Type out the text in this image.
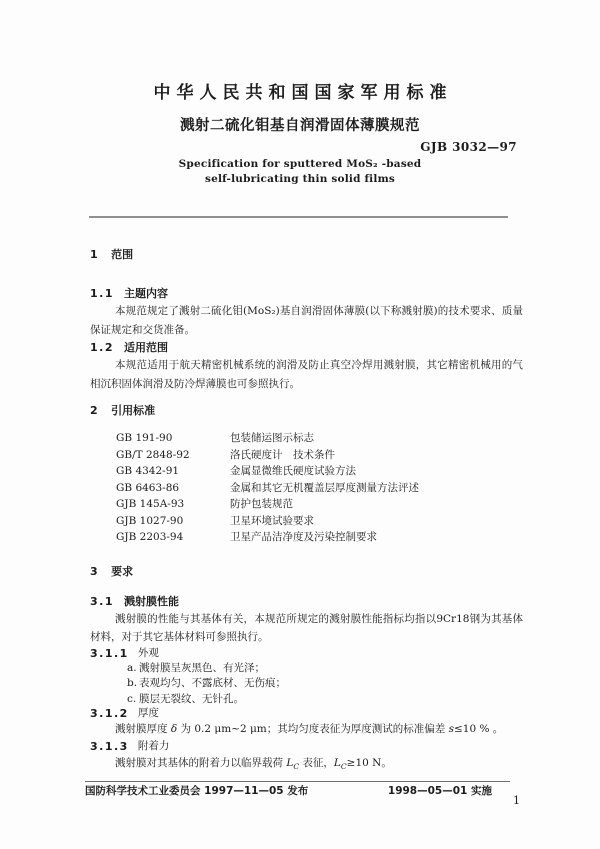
中华人民共和国国家军用标准
溅射二硫化钼基自润滑固体薄膜规范
GJB 3032—97
Specification for sputtered MoS₂ -based
self-lubricating thin solid films
1 范围
1.1 主题内容

本规范规定了溅射二硫化钼(MoS₂)基自润滑固体薄膜(以下称溅射膜)的技术要求、质量保证规定和交货准备。

1.2 适用范围

本规范适用于航天精密机械系统的润滑及防止真空冷焊用溅射膜，其它精密机械用的气相沉积固体润滑及防冷焊薄膜也可参照执行。

2 引用标准
GB 191-90	包装储运图示标志
GB/T 2848-92	洛氏硬度计　技术条件
GB 4342-91	金属显微维氏硬度试验方法
GB 6463-86	金属和其它无机覆盖层厚度测量方法评述
GJB 145A-93	防护包装规范
GJB 1027-90	卫星环境试验要求
GJB 2203-94	卫星产品洁净度及污染控制要求
3 要求
3.1 溅射膜性能

溅射膜的性能与其基体有关，本规范所规定的溅射膜性能指标均指以9Cr18钢为其基体材料，对于其它基体材料可参照执行。

3.1.1 外观
a. 溅射膜呈灰黑色、有光泽；
b. 表观均匀、不露底材、无伤痕；
c. 膜层无裂纹、无针孔。
3.1.2 厚度

溅射膜厚度 δ 为 0.2 μm~2 μm；其均匀度表征为厚度测试的标准偏差 s≤10 % 。

3.1.3 附着力

溅射膜对其基体的附着力以临界载荷 $L_C$ 表征，$L_C\ge 10$ N。

国防科学技术工业委员会 1997—11—05 发布	1998—05—01 实施
1
